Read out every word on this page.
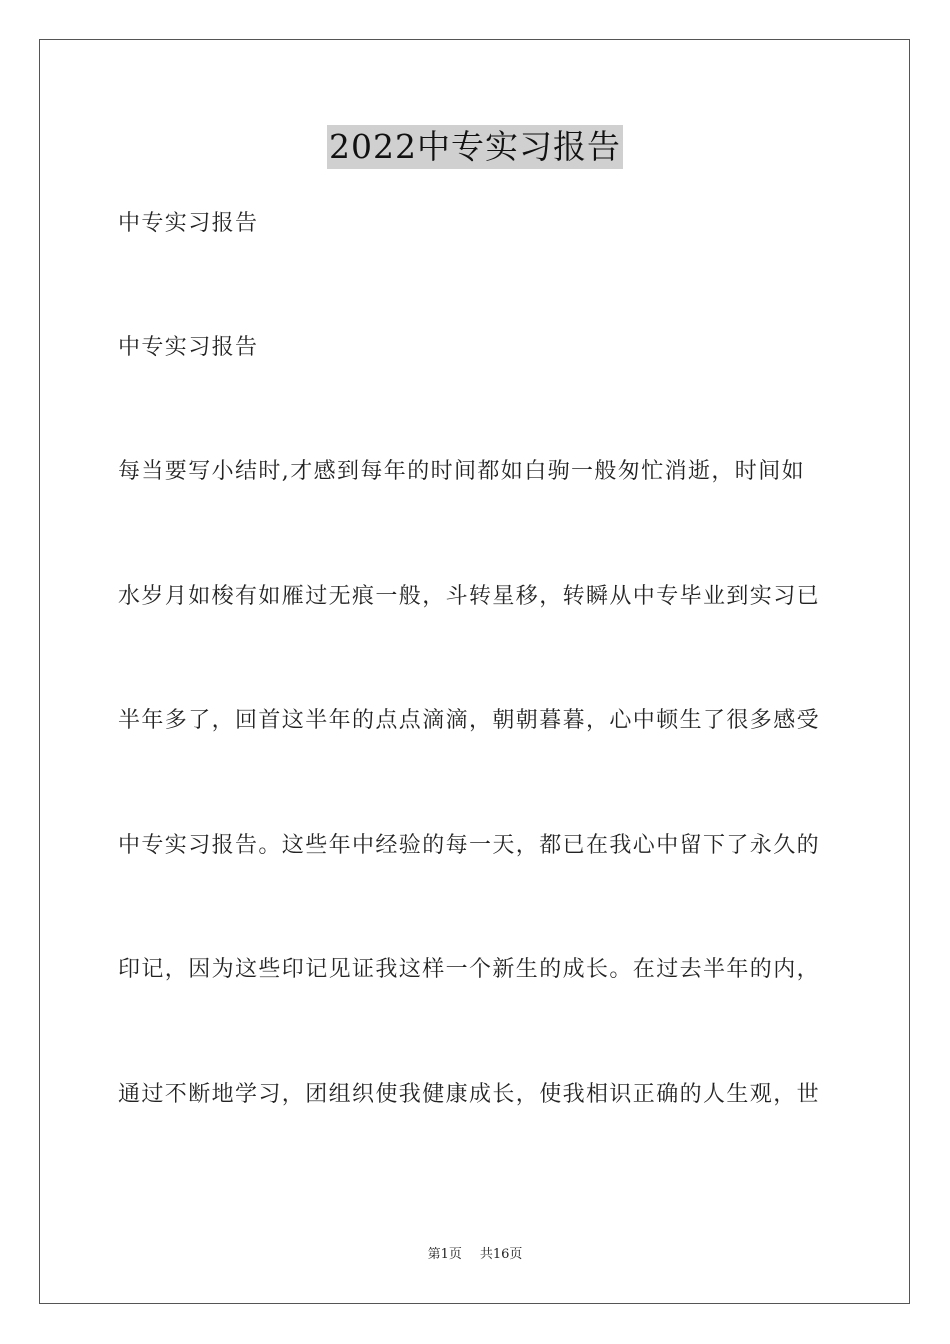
2022中专实习报告
中专实习报告
中专实习报告
每当要写小结时,才感到每年的时间都如白驹一般匆忙消逝，时间如
水岁月如梭有如雁过无痕一般，斗转星移，转瞬从中专毕业到实习已
半年多了，回首这半年的点点滴滴，朝朝暮暮，心中顿生了很多感受
中专实习报告。这些年中经验的每一天，都已在我心中留下了永久的
印记，因为这些印记见证我这样一个新生的成长。在过去半年的内，
通过不断地学习，团组织使我健康成长，使我相识正确的人生观，世
第1页 共16页
